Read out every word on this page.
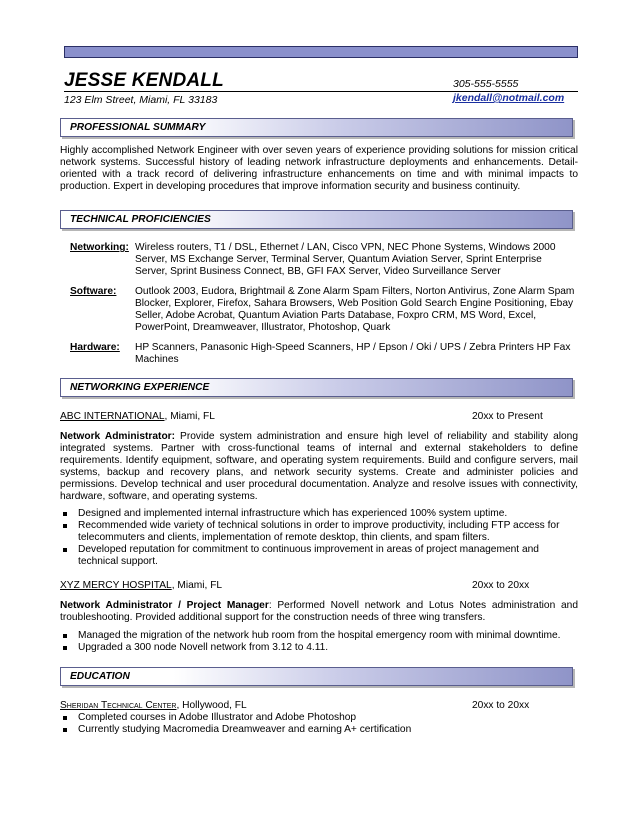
JESSE KENDALL	305-555-5555
123 Elm Street, Miami, FL 33183	jkendall@notmail.com
PROFESSIONAL SUMMARY

Highly accomplished Network Engineer with over seven years of experience providing solutions for mission critical network systems. Successful history of leading network infrastructure deployments and enhancements. Detail-oriented with a track record of delivering infrastructure enhancements on time and with minimal impacts to production. Expert in developing procedures that improve information security and business continuity.

TECHNICAL PROFICIENCIES
Networking: Wireless routers, T1 / DSL, Ethernet / LAN, Cisco VPN, NEC Phone Systems, Windows 2000 Server, MS Exchange Server, Terminal Server, Quantum Aviation Server, Sprint Enterprise Server, Sprint Business Connect, BB, GFI FAX Server, Video Surveillance Server
Software: Outlook 2003, Eudora, Brightmail & Zone Alarm Spam Filters, Norton Antivirus, Zone Alarm Spam Blocker, Explorer, Firefox, Sahara Browsers, Web Position Gold Search Engine Positioning, Ebay Seller, Adobe Acrobat, Quantum Aviation Parts Database, Foxpro CRM, MS Word, Excel, PowerPoint, Dreamweaver, Illustrator, Photoshop, Quark
Hardware: HP Scanners, Panasonic High-Speed Scanners, HP / Epson / Oki / UPS / Zebra Printers HP Fax Machines
NETWORKING EXPERIENCE
ABC INTERNATIONAL, Miami, FL	20xx to Present

Network Administrator: Provide system administration and ensure high level of reliability and stability along integrated systems. Partner with cross-functional teams of internal and external stakeholders to define requirements. Identify equipment, software, and operating system requirements. Build and configure servers, mail systems, backup and recovery plans, and network security systems. Create and administer policies and permissions. Develop technical and user procedural documentation. Analyze and resolve issues with connectivity, hardware, software, and operating systems.

Designed and implemented internal infrastructure which has experienced 100% system uptime.
Recommended wide variety of technical solutions in order to improve productivity, including FTP access for telecommuters and clients, implementation of remote desktop, thin clients, and spam filters.
Developed reputation for commitment to continuous improvement in areas of project management and technical support.
XYZ MERCY HOSPITAL, Miami, FL	20xx to 20xx

Network Administrator / Project Manager: Performed Novell network and Lotus Notes administration and troubleshooting. Provided additional support for the construction needs of three wing transfers.

Managed the migration of the network hub room from the hospital emergency room with minimal downtime.
Upgraded a 300 node Novell network from 3.12 to 4.11.
EDUCATION
Sheridan Technical Center, Hollywood, FL	20xx to 20xx
Completed courses in Adobe Illustrator and Adobe Photoshop
Currently studying Macromedia Dreamweaver and earning A+ certification
